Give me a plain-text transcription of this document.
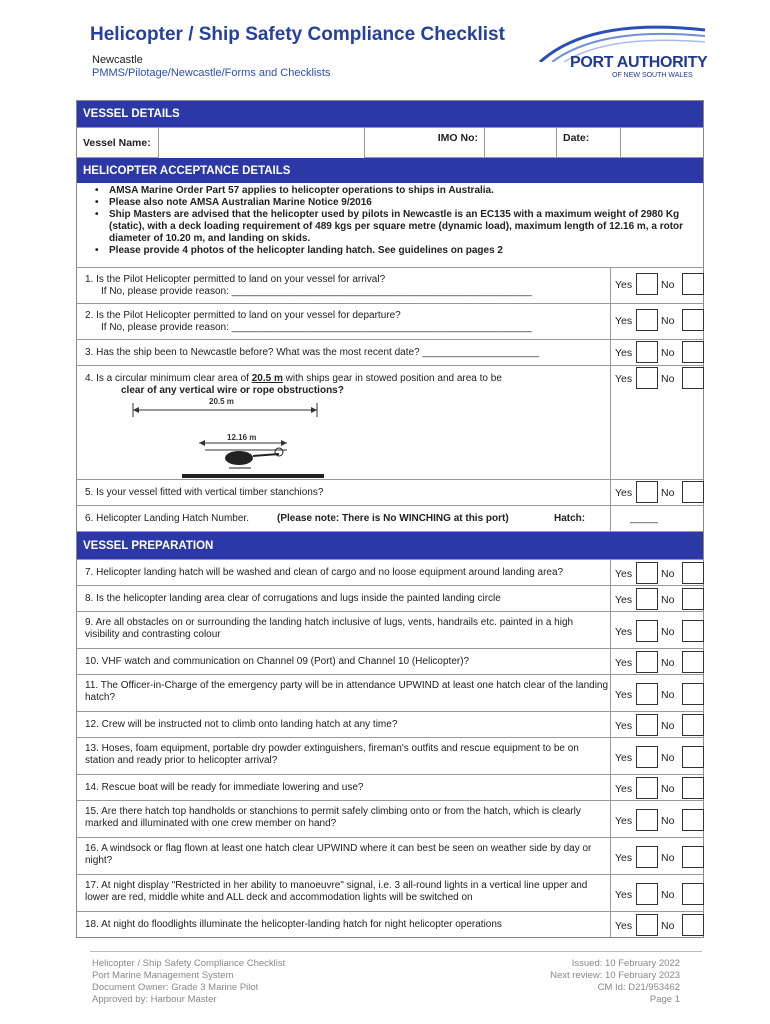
Helicopter / Ship Safety Compliance Checklist
Newcastle
PMMS/Pilotage/Newcastle/Forms and Checklists
PORT AUTHORITY
OF NEW SOUTH WALES
VESSEL DETAILS
Vessel Name:	IMO No:	Date:
HELICOPTER ACCEPTANCE DETAILS
• AMSA Marine Order Part 57 applies to helicopter operations to ships in Australia.
• Please also note AMSA Australian Marine Notice 9/2016
• Ship Masters are advised that the helicopter used by pilots in Newcastle is an EC135 with a maximum weight of 2980 Kg (static), with a deck loading requirement of 489 kgs per square metre (dynamic load), maximum length of 12.16 m, a rotor diameter of 10.20 m, and landing on skids.
• Please provide 4 photos of the helicopter landing hatch. See guidelines on pages 2
1. Is the Pilot Helicopter permitted to land on your vessel for arrival?
If No, please provide reason: ______________________________________________________
Yes	No
2. Is the Pilot Helicopter permitted to land on your vessel for departure?
If No, please provide reason: ______________________________________________________
Yes	No
3. Has the ship been to Newcastle before? What was the most recent date? _____________________	Yes	No
4. Is a circular minimum clear area of 20.5 m with ships gear in stowed position and area to be
clear of any vertical wire or rope obstructions?
20.5 m
12.16 m
Yes	No
5. Is your vessel fitted with vertical timber stanchions?	Yes	No
6. Helicopter Landing Hatch Number.	(Please note: There is No WINCHING at this port)	Hatch:	_____
VESSEL PREPARATION
7. Helicopter landing hatch will be washed and clean of cargo and no loose equipment around landing area?	Yes	No
8. Is the helicopter landing area clear of corrugations and lugs inside the painted landing circle	Yes	No
9. Are all obstacles on or surrounding the landing hatch inclusive of lugs, vents, handrails etc. painted in a high visibility and contrasting colour	Yes	No
10. VHF watch and communication on Channel 09 (Port) and Channel 10 (Helicopter)?	Yes	No
11. The Officer-in-Charge of the emergency party will be in attendance UPWIND at least one hatch clear of the landing hatch?	Yes	No
12. Crew will be instructed not to climb onto landing hatch at any time?	Yes	No
13. Hoses, foam equipment, portable dry powder extinguishers, fireman's outfits and rescue equipment to be on station and ready prior to helicopter arrival?	Yes	No
14. Rescue boat will be ready for immediate lowering and use?	Yes	No
15. Are there hatch top handholds or stanchions to permit safely climbing onto or from the hatch, which is clearly marked and illuminated with one crew member on hand?	Yes	No
16. A windsock or flag flown at least one hatch clear UPWIND where it can best be seen on weather side by day or night?	Yes	No
17. At night display "Restricted in her ability to manoeuvre" signal, i.e. 3 all-round lights in a vertical line upper and lower are red, middle white and ALL deck and accommodation lights will be switched on	Yes	No
18. At night do floodlights illuminate the helicopter-landing hatch for night helicopter operations	Yes	No
Helicopter / Ship Safety Compliance Checklist
Port Marine Management System
Document Owner: Grade 3 Marine Pilot
Approved by: Harbour Master
Issued: 10 February 2022
Next review: 10 February 2023
CM Id: D21/953462
Page 1
